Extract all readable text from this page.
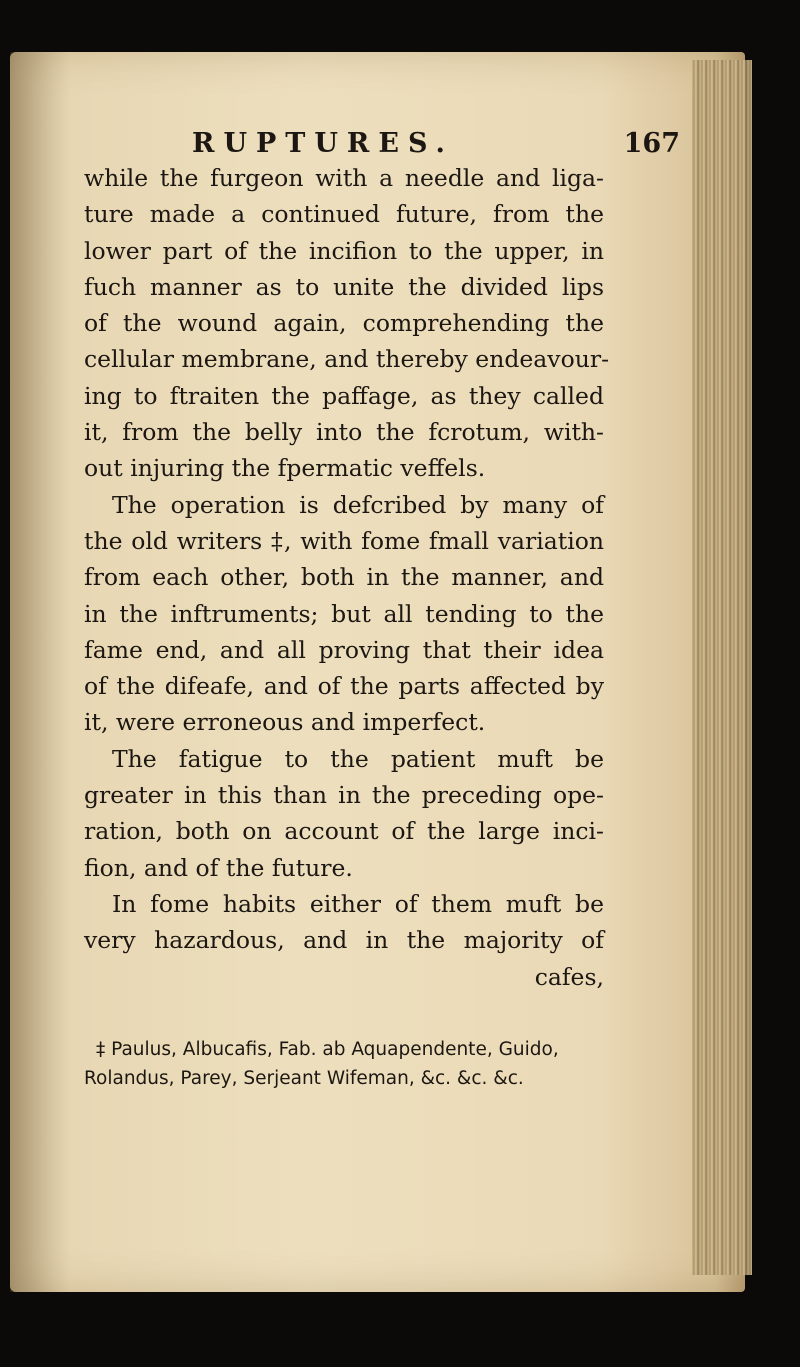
RUPTURES.	167
while the furgeon with a needle and liga-
ture made a continued future, from the
lower part of the incifion to the upper, in
fuch manner as to unite the divided lips
of the wound again, comprehending the
cellular membrane, and thereby endeavour-
ing to ftraiten the paffage, as they called
it, from the belly into the fcrotum, with-
out injuring the fpermatic veffels.
The operation is defcribed by many of
the old writers ‡, with fome fmall variation
from each other, both in the manner, and
in the inftruments; but all tending to the
fame end, and all proving that their idea
of the difeafe, and of the parts affected by
it, were erroneous and imperfect.
The fatigue to the patient muft be
greater in this than in the preceding ope-
ration, both on account of the large inci-
fion, and of the future.
In fome habits either of them muft be
very hazardous, and in the majority of
cafes,
‡ Paulus, Albucafis, Fab. ab Aquapendente, Guido,
Rolandus, Parey, Serjeant Wifeman, &c. &c. &c.
